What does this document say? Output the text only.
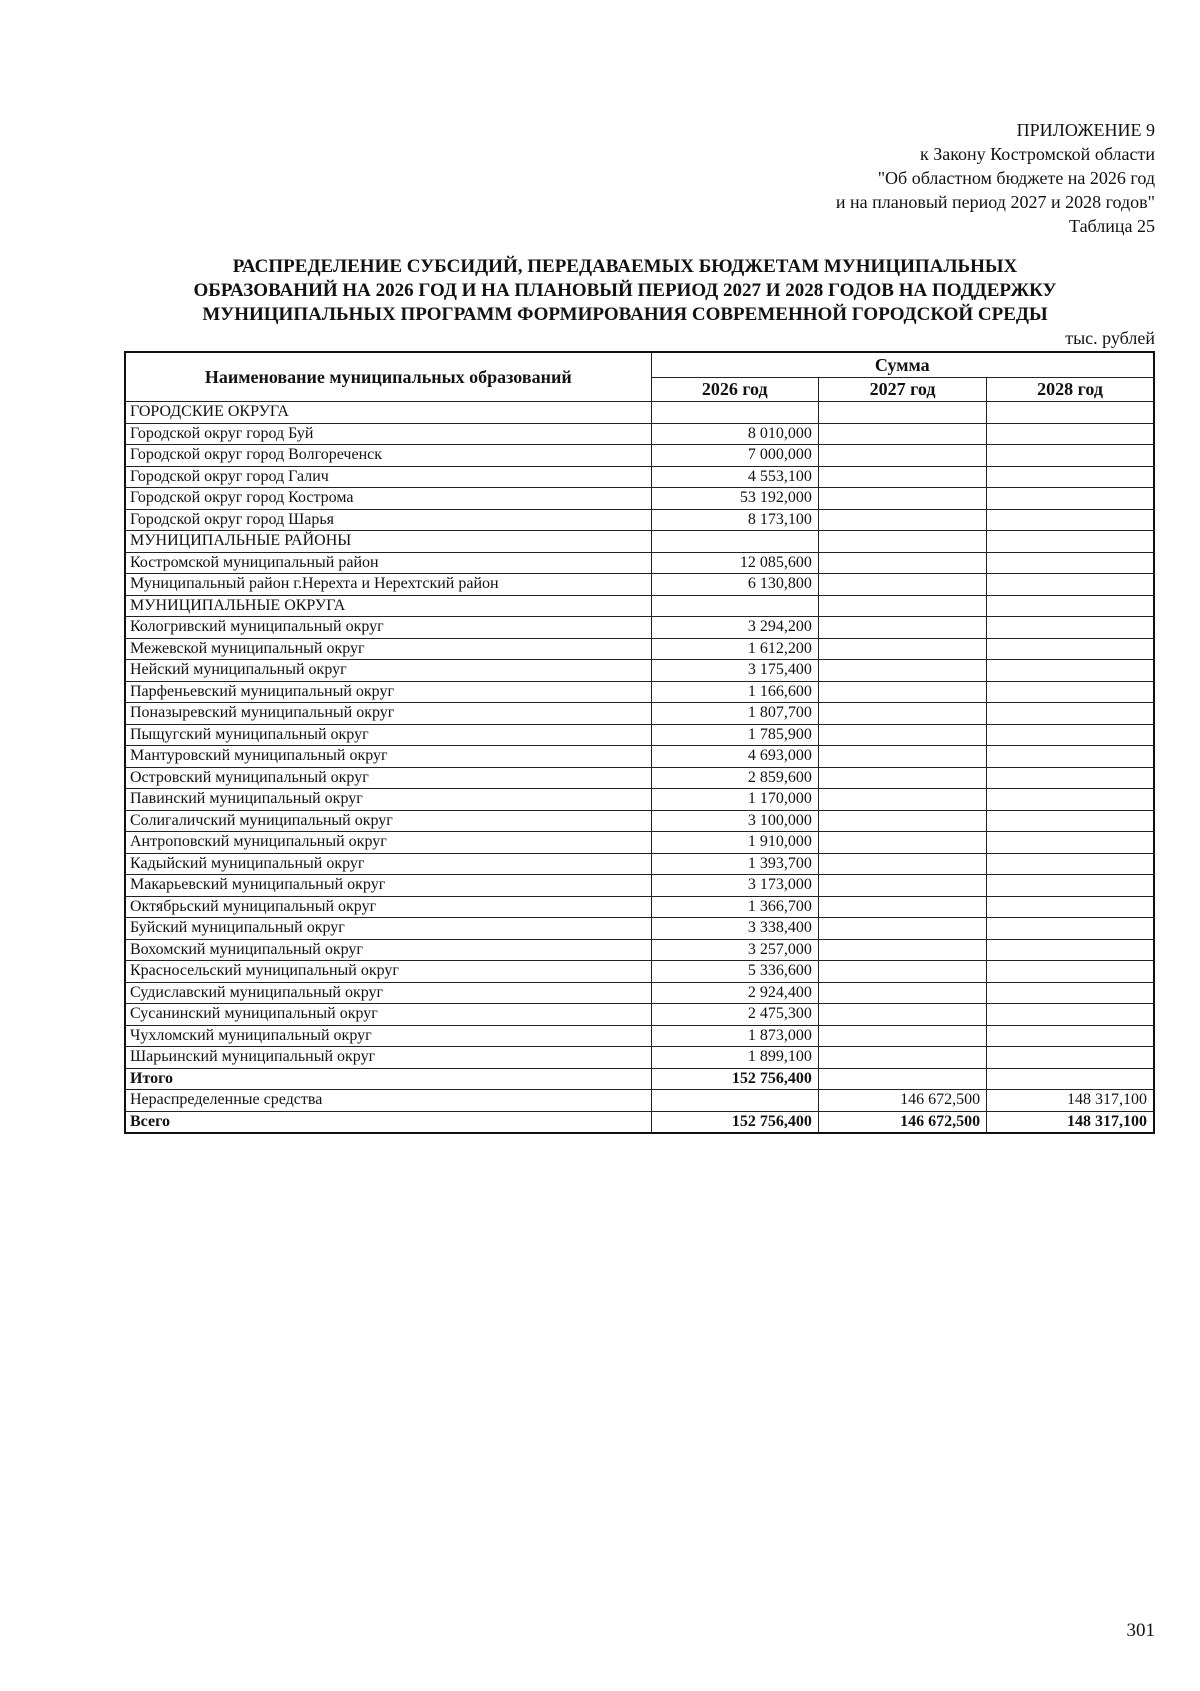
ПРИЛОЖЕНИЕ 9
к Закону Костромской области
"Об областном бюджете на 2026 год
и на плановый период 2027 и 2028 годов"
Таблица 25
РАСПРЕДЕЛЕНИЕ СУБСИДИЙ, ПЕРЕДАВАЕМЫХ БЮДЖЕТАМ МУНИЦИПАЛЬНЫХ
ОБРАЗОВАНИЙ НА 2026 ГОД И НА ПЛАНОВЫЙ ПЕРИОД 2027 И 2028 ГОДОВ НА ПОДДЕРЖКУ
МУНИЦИПАЛЬНЫХ ПРОГРАММ ФОРМИРОВАНИЯ СОВРЕМЕННОЙ ГОРОДСКОЙ СРЕДЫ
тыс. рублей
Наименование муниципальных образований	Сумма		
	2026 год	2027 год	2028 год
ГОРОДСКИЕ ОКРУГА			
Городской округ город Буй	8 010,000		
Городской округ город Волгореченск	7 000,000		
Городской округ город Галич	4 553,100		
Городской округ город Кострома	53 192,000		
Городской округ город Шарья	8 173,100		
МУНИЦИПАЛЬНЫЕ РАЙОНЫ			
Костромской муниципальный район	12 085,600		
Муниципальный район г.Нерехта и Нерехтский район	6 130,800		
МУНИЦИПАЛЬНЫЕ ОКРУГА			
Кологривский муниципальный округ	3 294,200		
Межевской муниципальный округ	1 612,200		
Нейский муниципальный округ	3 175,400		
Парфеньевский муниципальный округ	1 166,600		
Поназыревский муниципальный округ	1 807,700		
Пыщугский муниципальный округ	1 785,900		
Мантуровский муниципальный округ	4 693,000		
Островский муниципальный округ	2 859,600		
Павинский муниципальный округ	1 170,000		
Солигаличский муниципальный округ	3 100,000		
Антроповский муниципальный округ	1 910,000		
Кадыйский муниципальный округ	1 393,700		
Макарьевский муниципальный округ	3 173,000		
Октябрьский муниципальный округ	1 366,700		
Буйский муниципальный округ	3 338,400		
Вохомский муниципальный округ	3 257,000		
Красносельский муниципальный округ	5 336,600		
Судиславский муниципальный округ	2 924,400		
Сусанинский муниципальный округ	2 475,300		
Чухломский муниципальный округ	1 873,000		
Шарьинский муниципальный округ	1 899,100		
Итого	152 756,400		
Нераспределенные средства		146 672,500	148 317,100
Всего	152 756,400	146 672,500	148 317,100
301
